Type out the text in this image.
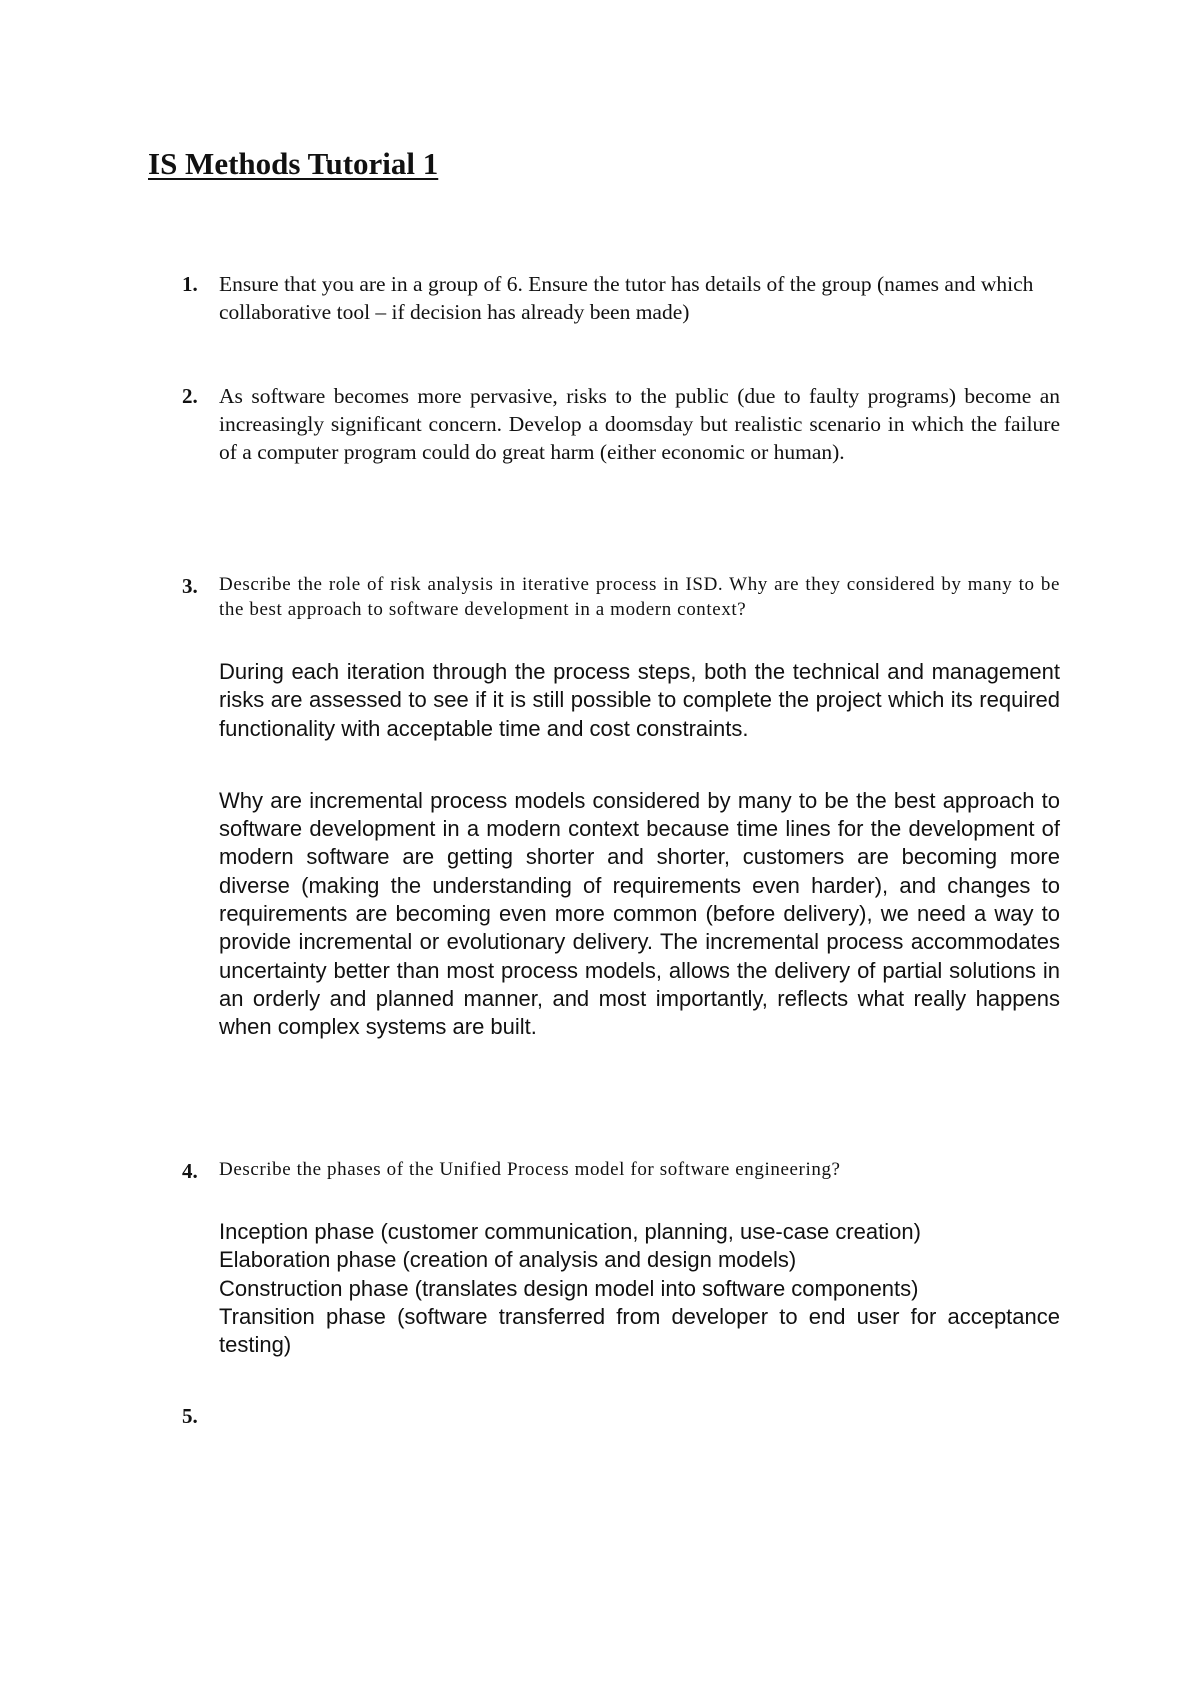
IS Methods Tutorial 1
1. Ensure that you are in a group of 6. Ensure the tutor has details of the group (names and which collaborative tool – if decision has already been made)

2. As software becomes more pervasive, risks to the public (due to faulty programs) become an increasingly significant concern. Develop a doomsday but realistic scenario in which the failure of a computer program could do great harm (either economic or human).

3. Describe the role of risk analysis in iterative process in ISD. Why are they considered by many to be the best approach to software development in a modern context?

During each iteration through the process steps, both the technical and management risks are assessed to see if it is still possible to complete the project which its required functionality with acceptable time and cost constraints.

Why are incremental process models considered by many to be the best approach to software development in a modern context because time lines for the development of modern software are getting shorter and shorter, customers are becoming more diverse (making the understanding of requirements even harder), and changes to requirements are becoming even more common (before delivery), we need a way to provide incremental or evolutionary delivery. The incremental process accommodates uncertainty better than most process models, allows the delivery of partial solutions in an orderly and planned manner, and most importantly, reflects what really happens when complex systems are built.

4. Describe the phases of the Unified Process model for software engineering?

Inception phase (customer communication, planning, use-case creation)

Elaboration phase (creation of analysis and design models)

Construction phase (translates design model into software components)

Transition phase (software transferred from developer to end user for acceptance testing)

5.
